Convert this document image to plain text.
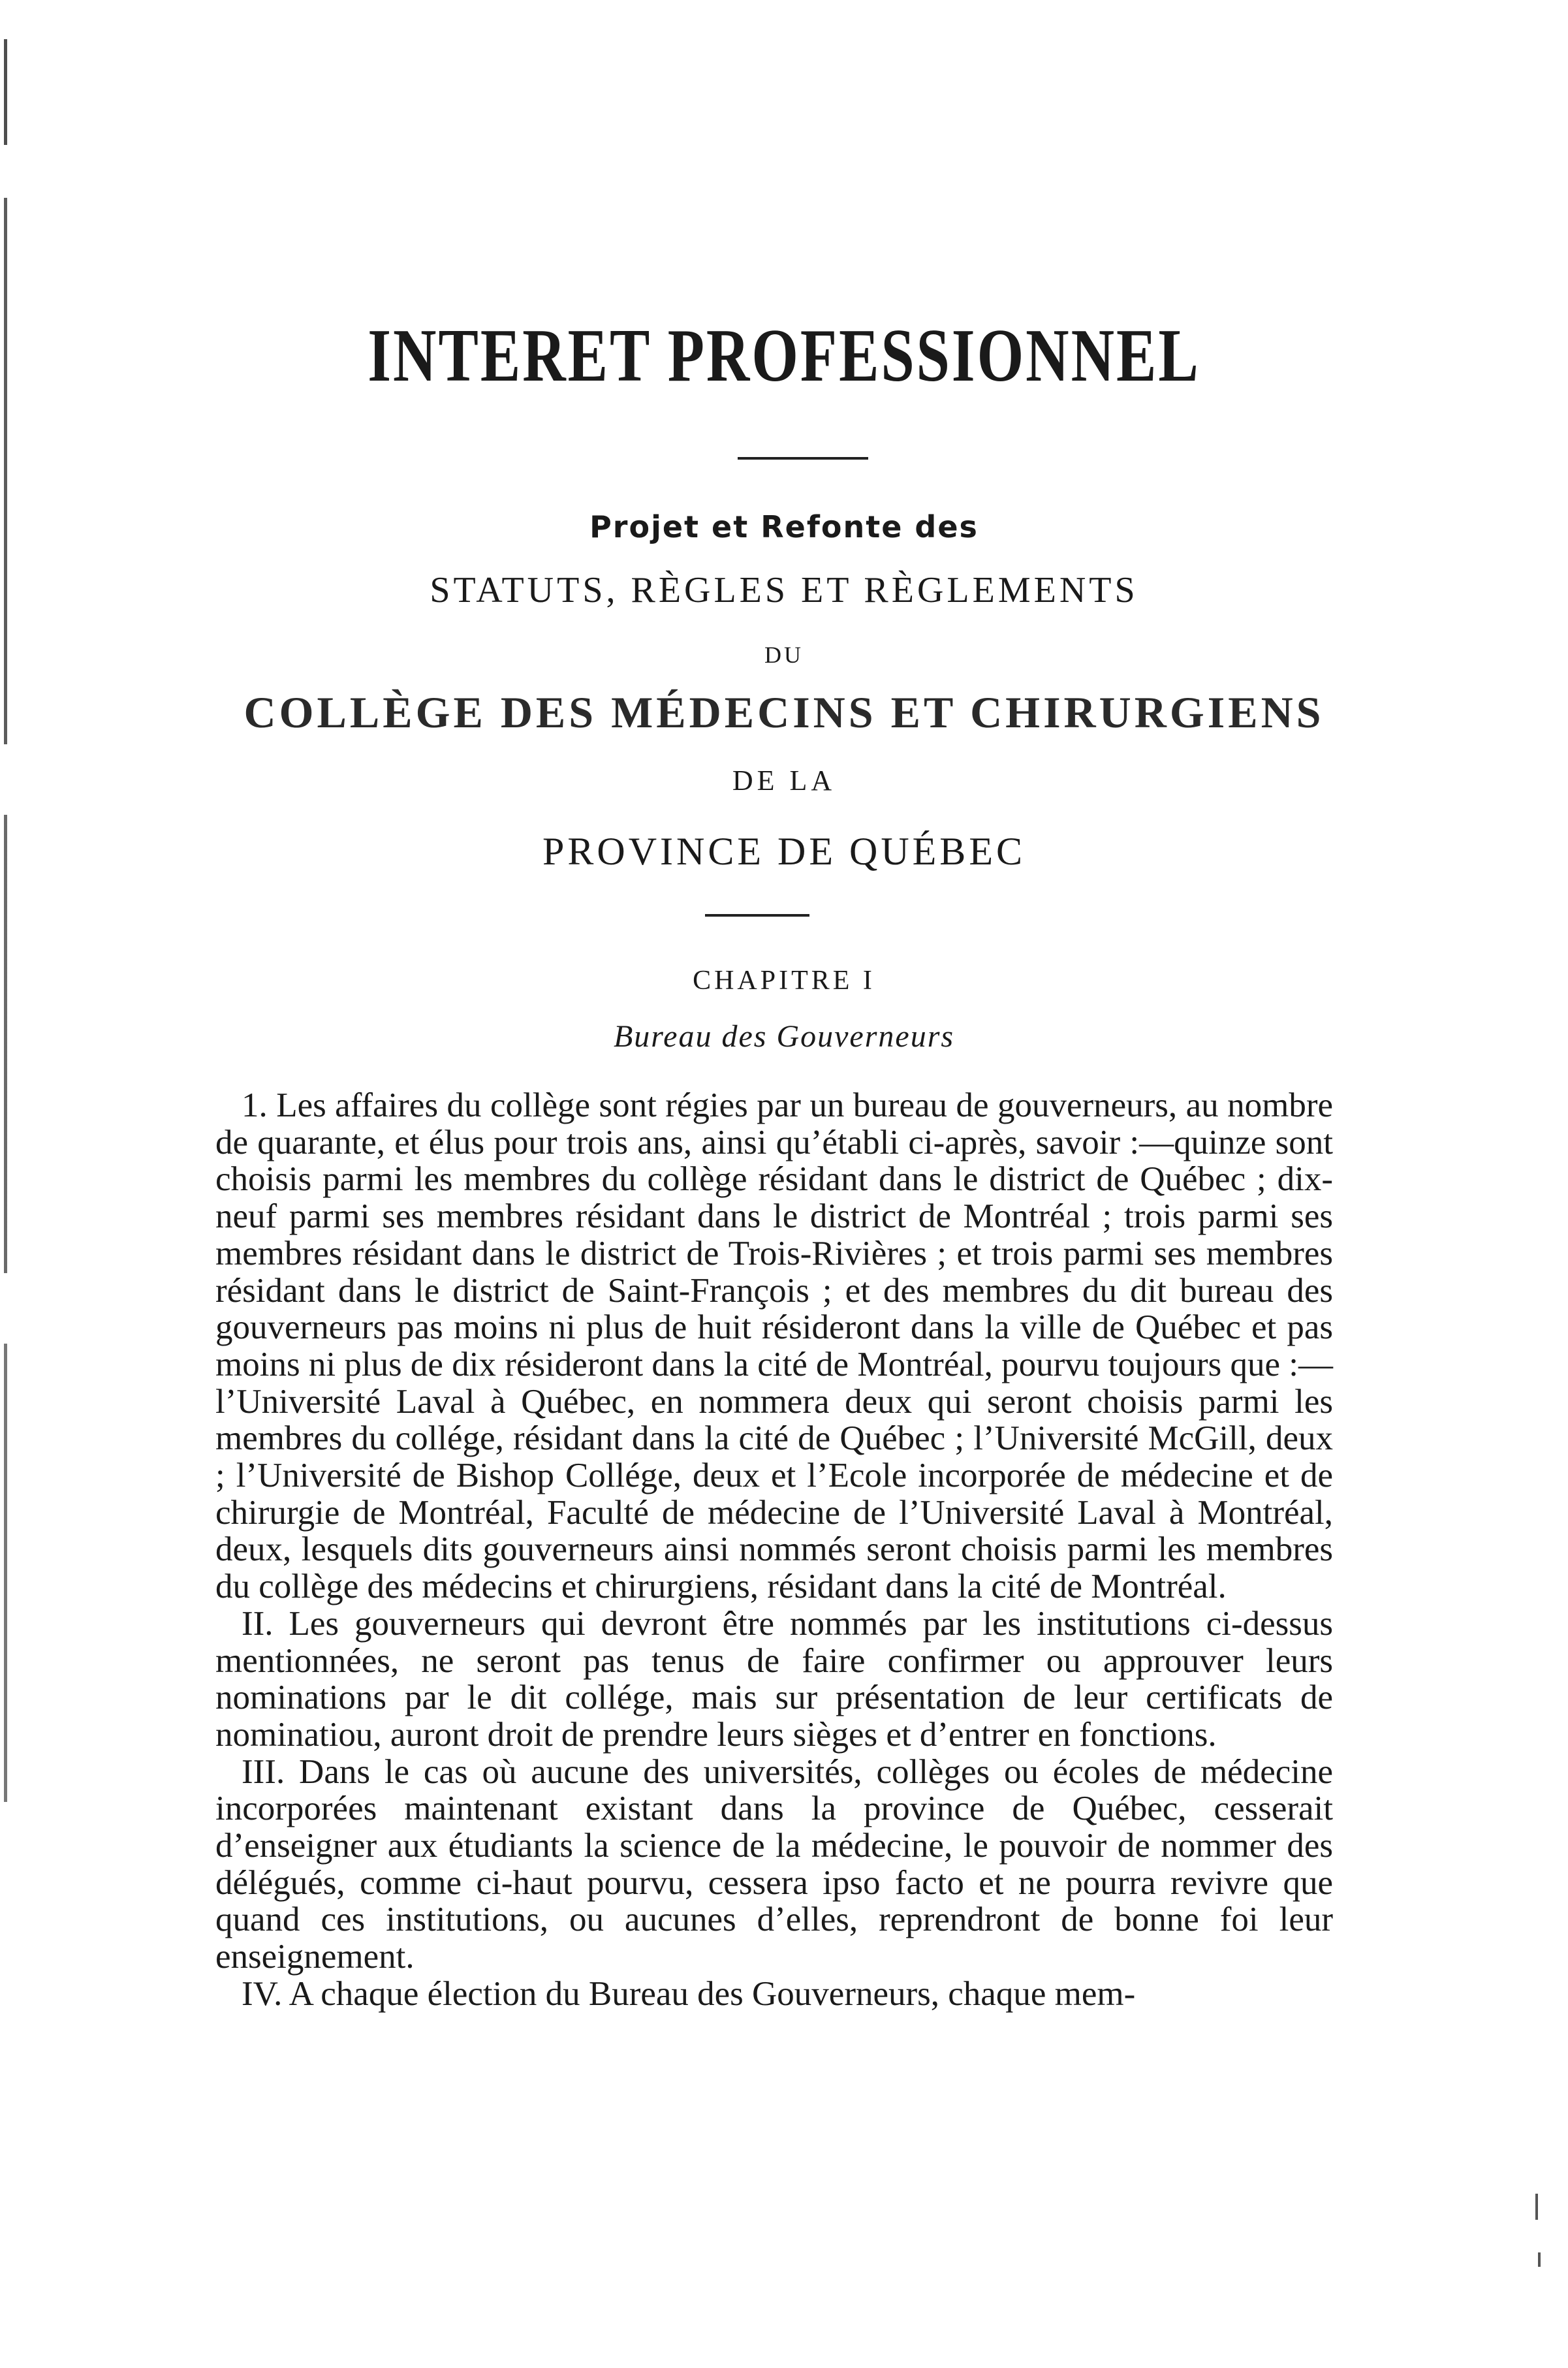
INTERET PROFESSIONNEL
Projet et Refonte des
STATUTS, RÈGLES ET RÈGLEMENTS
DU
COLLÈGE DES MÉDECINS ET CHIRURGIENS
DE LA
PROVINCE DE QUÉBEC
CHAPITRE I
Bureau des Gouverneurs

1. Les affaires du collège sont régies par un bureau de gouverneurs, au nombre de quarante, et élus pour trois ans, ainsi qu’établi ci-après, savoir :—quinze sont choisis parmi les membres du collège résidant dans le district de Québec ; dix-neuf parmi ses membres résidant dans le district de Montréal ; trois parmi ses membres résidant dans le district de Trois-Rivières ; et trois parmi ses membres résidant dans le district de Saint-François ; et des membres du dit bureau des gouverneurs pas moins ni plus de huit résideront dans la ville de Québec et pas moins ni plus de dix résideront dans la cité de Montréal, pourvu toujours que :—l’Université Laval à Québec, en nommera deux qui seront choisis parmi les membres du collége, résidant dans la cité de Québec ; l’Université McGill, deux ; l’Université de Bishop Collége, deux et l’Ecole incorporée de médecine et de chirurgie de Montréal, Faculté de médecine de l’Université Laval à Montréal, deux, lesquels dits gouverneurs ainsi nommés seront choisis parmi les membres du collège des médecins et chirurgiens, résidant dans la cité de Montréal.

II. Les gouverneurs qui devront être nommés par les institutions ci-dessus mentionnées, ne seront pas tenus de faire confirmer ou approuver leurs nominations par le dit collége, mais sur présentation de leur certificats de nominatiou, auront droit de prendre leurs sièges et d’entrer en fonctions.

III. Dans le cas où aucune des universités, collèges ou écoles de médecine incorporées maintenant existant dans la province de Québec, cesserait d’enseigner aux étudiants la science de la médecine, le pouvoir de nommer des délégués, comme ci-haut pourvu, cessera ipso facto et ne pourra revivre que quand ces institutions, ou aucunes d’elles, reprendront de bonne foi leur enseignement.

IV. A chaque élection du Bureau des Gouverneurs, chaque mem-
